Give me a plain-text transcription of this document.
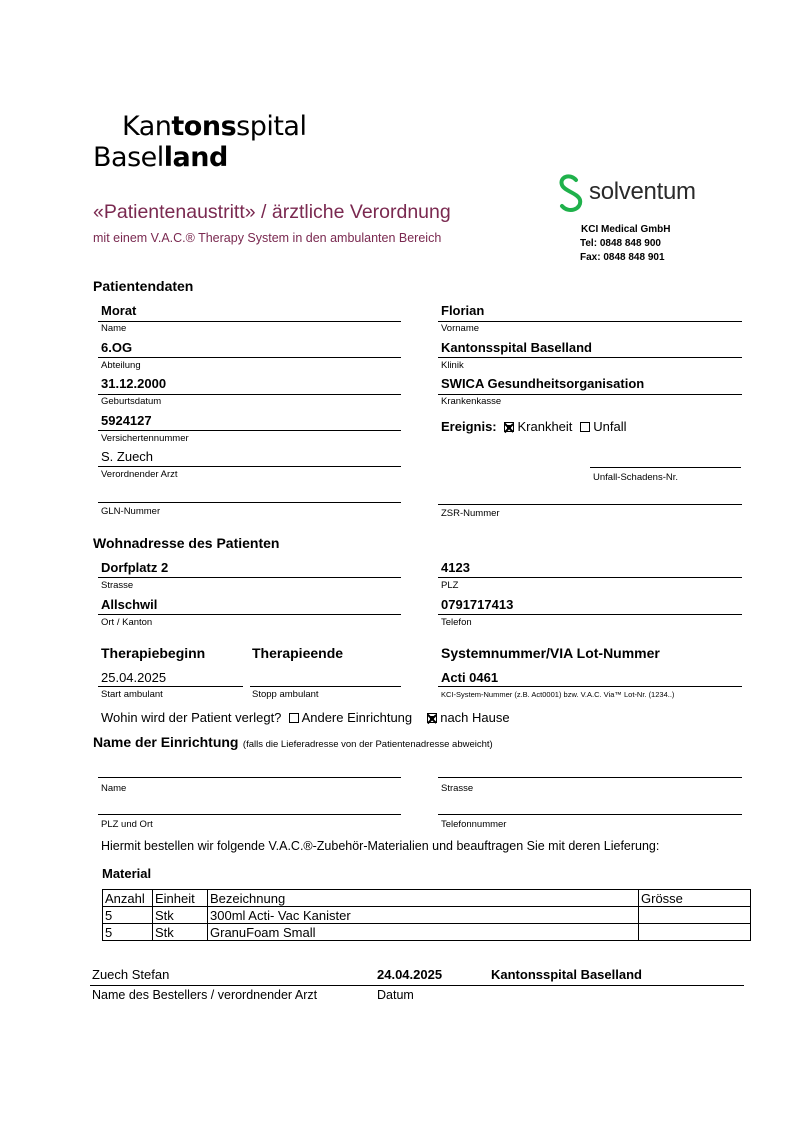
Kantonsspital
Baselland
«Patientenaustritt» / ärztliche Verordnung
mit einem V.A.C.® Therapy System in den ambulanten Bereich
solventum
KCI Medical GmbH
Tel: 0848 848 900
Fax: 0848 848 901
Patientendaten
Morat
Name
Florian
Vorname
6.OG
Abteilung
Kantonsspital Baselland
Klinik
31.12.2000
Geburtsdatum
SWICA Gesundheitsorganisation
Krankenkasse
5924127
Versichertennummer
Ereignis: Krankheit Unfall
S. Zuech
Verordnender Arzt	Unfall-Schadens-Nr.
GLN-Nummer	ZSR-Nummer
Wohnadresse des Patienten
Dorfplatz 2
Strasse
4123
PLZ
Allschwil
Ort / Kanton
0791717413
Telefon
Therapiebeginn	Therapieende	Systemnummer/VIA Lot-Nummer
25.04.2025
Start ambulant	Stopp ambulant
Acti 0461
KCI-System-Nummer (z.B. Act0001) bzw. V.A.C. Via™ Lot-Nr. (1234..)
Wohin wird der Patient verlegt? Andere Einrichtung nach Hause
Name der Einrichtung (falls die Lieferadresse von der Patientenadresse abweicht)
Name	Strasse
PLZ und Ort	Telefonnummer
Hiermit bestellen wir folgende V.A.C.®-Zubehör-Materialien und beauftragen Sie mit deren Lieferung:
Material
Anzahl	Einheit	Bezeichnung	Grösse
5	Stk	300ml Acti- Vac Kanister	
5	Stk	GranuFoam Small	
Zuech Stefan	24.04.2025	Kantonsspital Baselland
Name des Bestellers / verordnender Arzt	Datum
